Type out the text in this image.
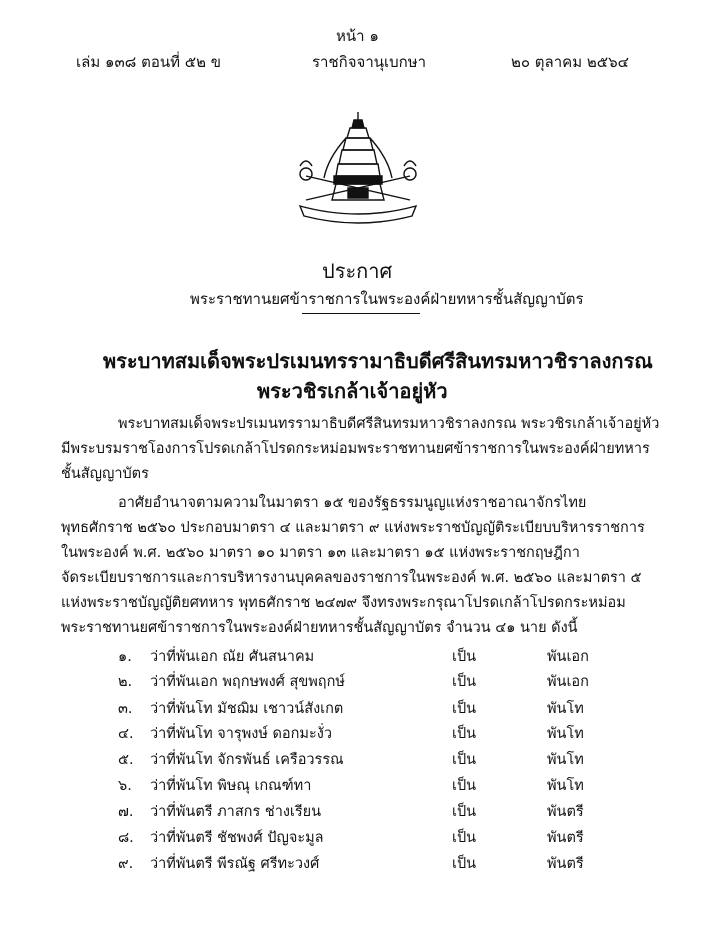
หน้า ๑
เล่ม ๑๓๘ ตอนที่ ๕๒ ข	ราชกิจจานุเบกษา	๒๐ ตุลาคม ๒๕๖๔
ประกาศ
พระราชทานยศข้าราชการในพระองค์ฝ่ายทหารชั้นสัญญาบัตร
พระบาทสมเด็จพระปรเมนทรรามาธิบดีศรีสินทรมหาวชิราลงกรณ
พระวชิรเกล้าเจ้าอยู่หัว
พระบาทสมเด็จพระปรเมนทรรามาธิบดีศรีสินทรมหาวชิราลงกรณ พระวชิรเกล้าเจ้าอยู่หัว
มีพระบรมราชโองการโปรดเกล้าโปรดกระหม่อมพระราชทานยศข้าราชการในพระองค์ฝ่ายทหาร
ชั้นสัญญาบัตร
อาศัยอำนาจตามความในมาตรา ๑๕ ของรัฐธรรมนูญแห่งราชอาณาจักรไทย
พุทธศักราช ๒๕๖๐ ประกอบมาตรา ๔ และมาตรา ๙ แห่งพระราชบัญญัติระเบียบบริหารราชการ
ในพระองค์ พ.ศ. ๒๕๖๐ มาตรา ๑๐ มาตรา ๑๓ และมาตรา ๑๕ แห่งพระราชกฤษฎีกา
จัดระเบียบราชการและการบริหารงานบุคคลของราชการในพระองค์ พ.ศ. ๒๕๖๐ และมาตรา ๕
แห่งพระราชบัญญัติยศทหาร พุทธศักราช ๒๔๗๙ จึงทรงพระกรุณาโปรดเกล้าโปรดกระหม่อม
พระราชทานยศข้าราชการในพระองค์ฝ่ายทหารชั้นสัญญาบัตร จำนวน ๔๑ นาย ดังนี้
๑. ว่าที่พันเอก ณัย ศันสนาคม	เป็น	พันเอก
๒. ว่าที่พันเอก พฤกษพงศ์ สุขพฤกษ์	เป็น	พันเอก
๓. ว่าที่พันโท มัชฌิม เชาวน์สังเกต	เป็น	พันโท
๔. ว่าที่พันโท จารุพงษ์ ดอกมะงั่ว	เป็น	พันโท
๕. ว่าที่พันโท จักรพันธ์ เครือวรรณ	เป็น	พันโท
๖. ว่าที่พันโท พิษณุ เกณฑ์ทา	เป็น	พันโท
๗. ว่าที่พันตรี ภาสกร ช่างเรียน	เป็น	พันตรี
๘. ว่าที่พันตรี ชัชพงศ์ ปัญจะมูล	เป็น	พันตรี
๙. ว่าที่พันตรี พีรณัฐ ศรีทะวงศ์	เป็น	พันตรี
